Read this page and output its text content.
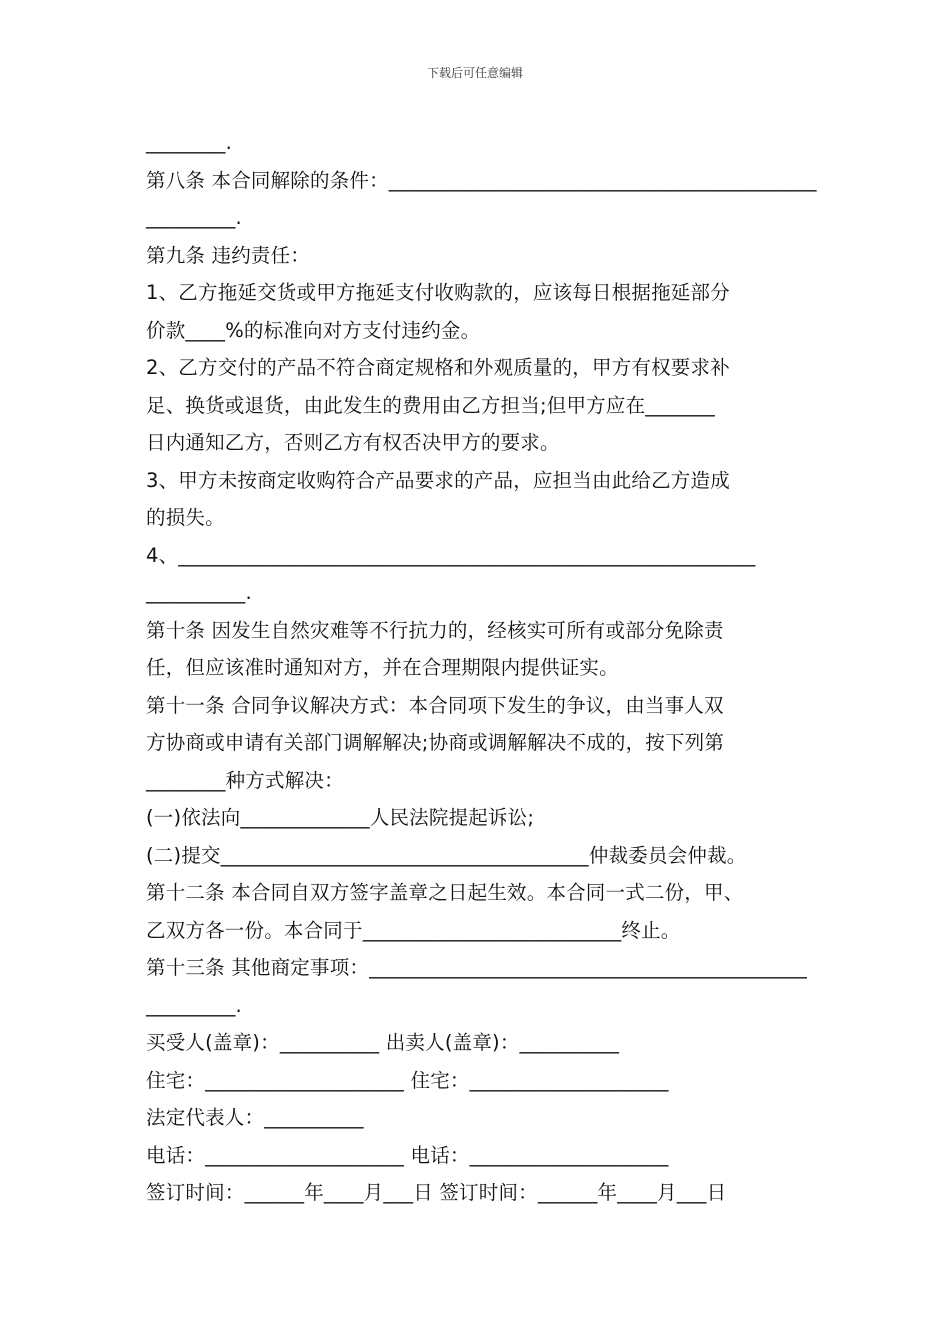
下载后可任意编辑
________.
第八条 本合同解除的条件：___________________________________________
_________.
第九条 违约责任：
1、乙方拖延交货或甲方拖延支付收购款的，应该每日根据拖延部分
价款____%的标准向对方支付违约金。
2、乙方交付的产品不符合商定规格和外观质量的，甲方有权要求补
足、换货或退货，由此发生的费用由乙方担当;但甲方应在_______
日内通知乙方，否则乙方有权否决甲方的要求。
3、甲方未按商定收购符合产品要求的产品，应担当由此给乙方造成
的损失。
4、__________________________________________________________
__________.
第十条 因发生自然灾难等不行抗力的，经核实可所有或部分免除责
任，但应该准时通知对方，并在合理期限内提供证实。
第十一条 合同争议解决方式：本合同项下发生的争议，由当事人双
方协商或申请有关部门调解解决;协商或调解解决不成的，按下列第
________种方式解决：
(一)依法向_____________人民法院提起诉讼;
(二)提交_____________________________________仲裁委员会仲裁。
第十二条 本合同自双方签字盖章之日起生效。本合同一式二份，甲、
乙双方各一份。本合同于__________________________终止。
第十三条 其他商定事项：____________________________________________
_________.
买受人(盖章)：__________ 出卖人(盖章)：__________
住宅：____________________ 住宅：____________________
法定代表人：__________
电话：____________________ 电话：____________________
签订时间：______年____月___日 签订时间：______年____月___日
